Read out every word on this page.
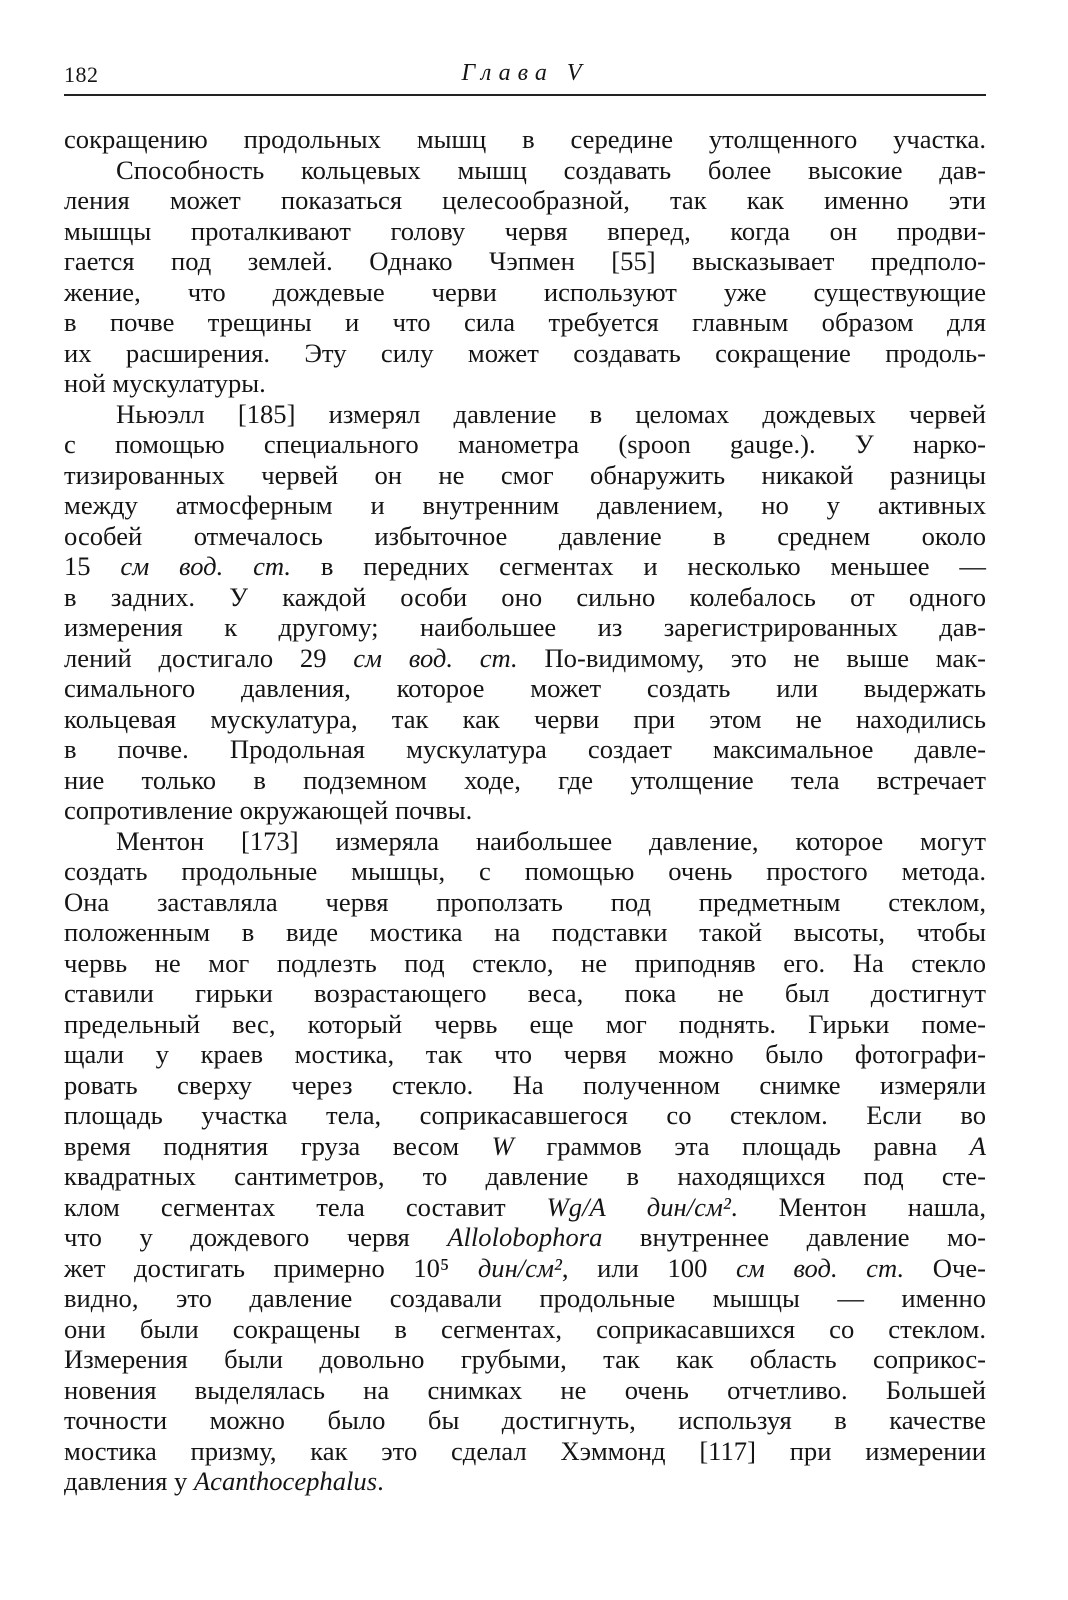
182	Глава V
сокращению продольных мышц в середине утолщенного участка.
Способность кольцевых мышц создавать более высокие дав-
ления может показаться целесообразной, так как именно эти
мышцы проталкивают голову червя вперед, когда он продви-
гается под землей. Однако Чэпмен [55] высказывает предполо-
жение, что дождевые черви используют уже существующие
в почве трещины и что сила требуется главным образом для
их расширения. Эту силу может создавать сокращение продоль-
ной мускулатуры.
Ньюэлл [185] измерял давление в целомах дождевых червей
с помощью специального манометра (spoon gauge.). У нарко-
тизированных червей он не смог обнаружить никакой разницы
между атмосферным и внутренним давлением, но у активных
особей отмечалось избыточное давление в среднем около
15 см вод. ст. в передних сегментах и несколько меньшее —
в задних. У каждой особи оно сильно колебалось от одного
измерения к другому; наибольшее из зарегистрированных дав-
лений достигало 29 см вод. ст. По-видимому, это не выше мак-
симального давления, которое может создать или выдержать
кольцевая мускулатура, так как черви при этом не находились
в почве. Продольная мускулатура создает максимальное давле-
ние только в подземном ходе, где утолщение тела встречает
сопротивление окружающей почвы.
Ментон [173] измеряла наибольшее давление, которое могут
создать продольные мышцы, с помощью очень простого метода.
Она заставляла червя проползать под предметным стеклом,
положенным в виде мостика на подставки такой высоты, чтобы
червь не мог подлезть под стекло, не приподняв его. На стекло
ставили гирьки возрастающего веса, пока не был достигнут
предельный вес, который червь еще мог поднять. Гирьки поме-
щали у краев мостика, так что червя можно было фотографи-
ровать сверху через стекло. На полученном снимке измеряли
площадь участка тела, соприкасавшегося со стеклом. Если во
время поднятия груза весом W граммов эта площадь равна A
квадратных сантиметров, то давление в находящихся под сте-
клом сегментах тела составит Wg/A дин/см². Ментон нашла,
что у дождевого червя Allolobophora внутреннее давление мо-
жет достигать примерно 10⁵ дин/см², или 100 см вод. ст. Оче-
видно, это давление создавали продольные мышцы — именно
они были сокращены в сегментах, соприкасавшихся со стеклом.
Измерения были довольно грубыми, так как область соприкос-
новения выделялась на снимках не очень отчетливо. Большей
точности можно было бы достигнуть, используя в качестве
мостика призму, как это сделал Хэммонд [117] при измерении
давления у Acanthocephalus.
